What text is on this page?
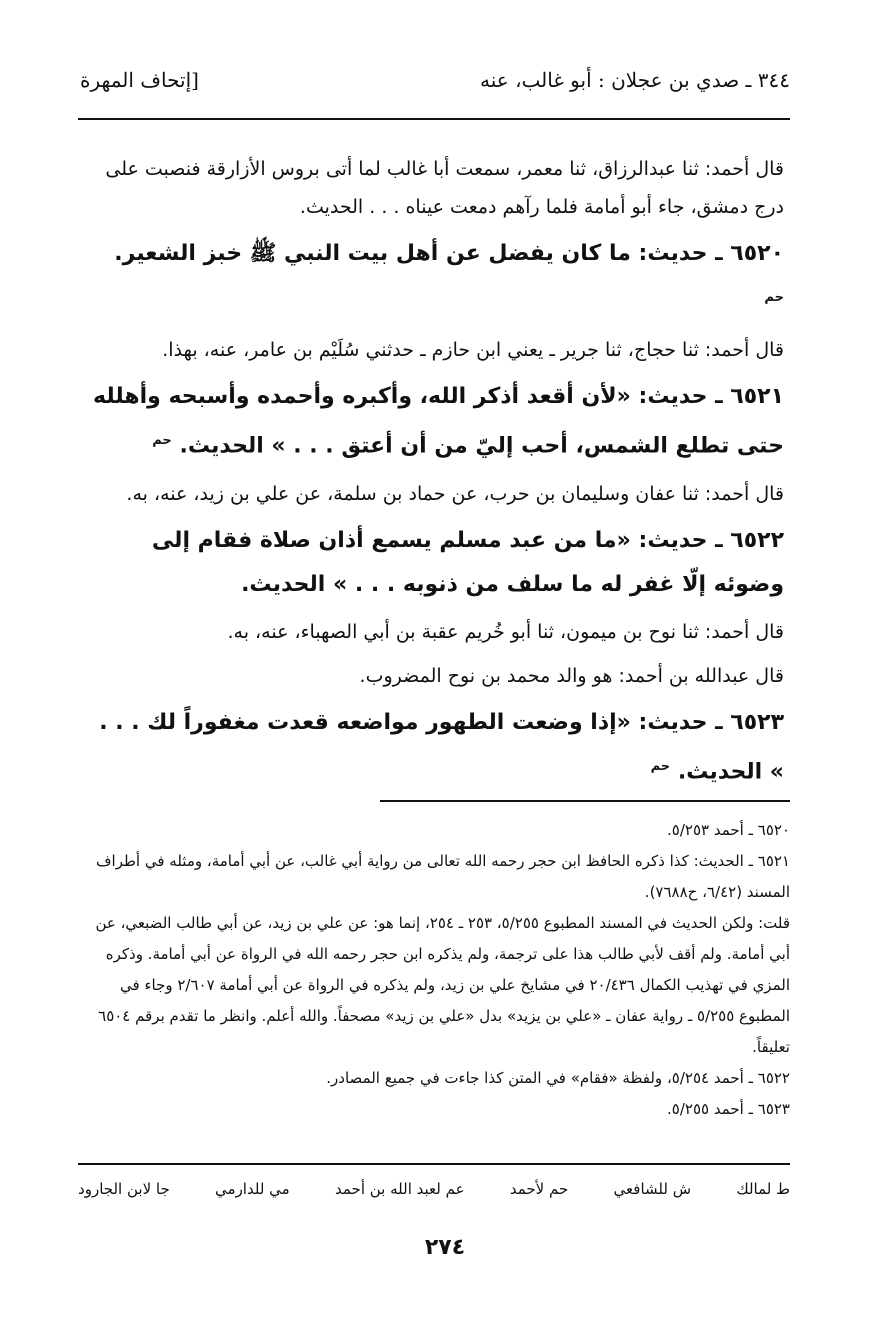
٣٤٤ ـ صدي بن عجلان : أبو غالب، عنه
[إتحاف المهرة

قال أحمد: ثنا عبدالرزاق، ثنا معمر، سمعت أبا غالب لما أتى بروس الأزارقة فنصبت على درج دمشق، جاء أبو أمامة فلما رآهم دمعت عيناه . . . الحديث.

٦٥٢٠ ـ حديث: ما كان يفضل عن أهل بيت النبي ﷺ خبز الشعير. حم

قال أحمد: ثنا حجاج، ثنا جرير ـ يعني ابن حازم ـ حدثني سُلَيْم بن عامر، عنه، بهذا.

٦٥٢١ ـ حديث: «لأن أقعد أذكر الله، وأكبره وأحمده وأسبحه وأهلله حتى تطلع الشمس، أحب إليّ من أن أعتق . . . » الحديث. حم

قال أحمد: ثنا عفان وسليمان بن حرب، عن حماد بن سلمة، عن علي بن زيد، عنه، به.

٦٥٢٢ ـ حديث: «ما من عبد مسلم يسمع أذان صلاة فقام إلى وضوئه إلّا غفر له ما سلف من ذنوبه . . . » الحديث.

قال أحمد: ثنا نوح بن ميمون، ثنا أبو خُريم عقبة بن أبي الصهباء، عنه، به.

قال عبدالله بن أحمد: هو والد محمد بن نوح المضروب.

٦٥٢٣ ـ حديث: «إذا وضعت الطهور مواضعه قعدت مغفوراً لك . . . » الحديث. حم

٦٥٢٠ ـ أحمد ٥/٢٥٣.

٦٥٢١ ـ الحديث: كذا ذكره الحافظ ابن حجر رحمه الله تعالى من رواية أبي غالب، عن أبي أمامة، ومثله في أطراف المسند (٦/٤٢، ح٧٦٨٨).

قلت: ولكن الحديث في المسند المطبوع ٥/٢٥٥، ٢٥٣ ـ ٢٥٤، إنما هو: عن علي بن زيد، عن أبي طالب الضبعي، عن أبي أمامة. ولم أقف لأبي طالب هذا على ترجمة، ولم يذكره ابن حجر رحمه الله في الرواة عن أبي أمامة. وذكره المزي في تهذيب الكمال ٢٠/٤٣٦ في مشايخ علي بن زيد، ولم يذكره في الرواة عن أبي أمامة ٢/٦٠٧ وجاء في المطبوع ٥/٢٥٥ ـ رواية عفان ـ «علي بن يزيد» بدل «علي بن زيد» مصحفاً. والله أعلم. وانظر ما تقدم برقم ٦٥٠٤ تعليقاً.

٦٥٢٢ ـ أحمد ٥/٢٥٤، ولفظة «فقام» في المتن كذا جاءت في جميع المصادر.

٦٥٢٣ ـ أحمد ٥/٢٥٥.

ط لمالك
ش للشافعي
حم لأحمد
عم لعبد الله بن أحمد
مي للدارمي
جا لابن الجارود
٢٧٤
